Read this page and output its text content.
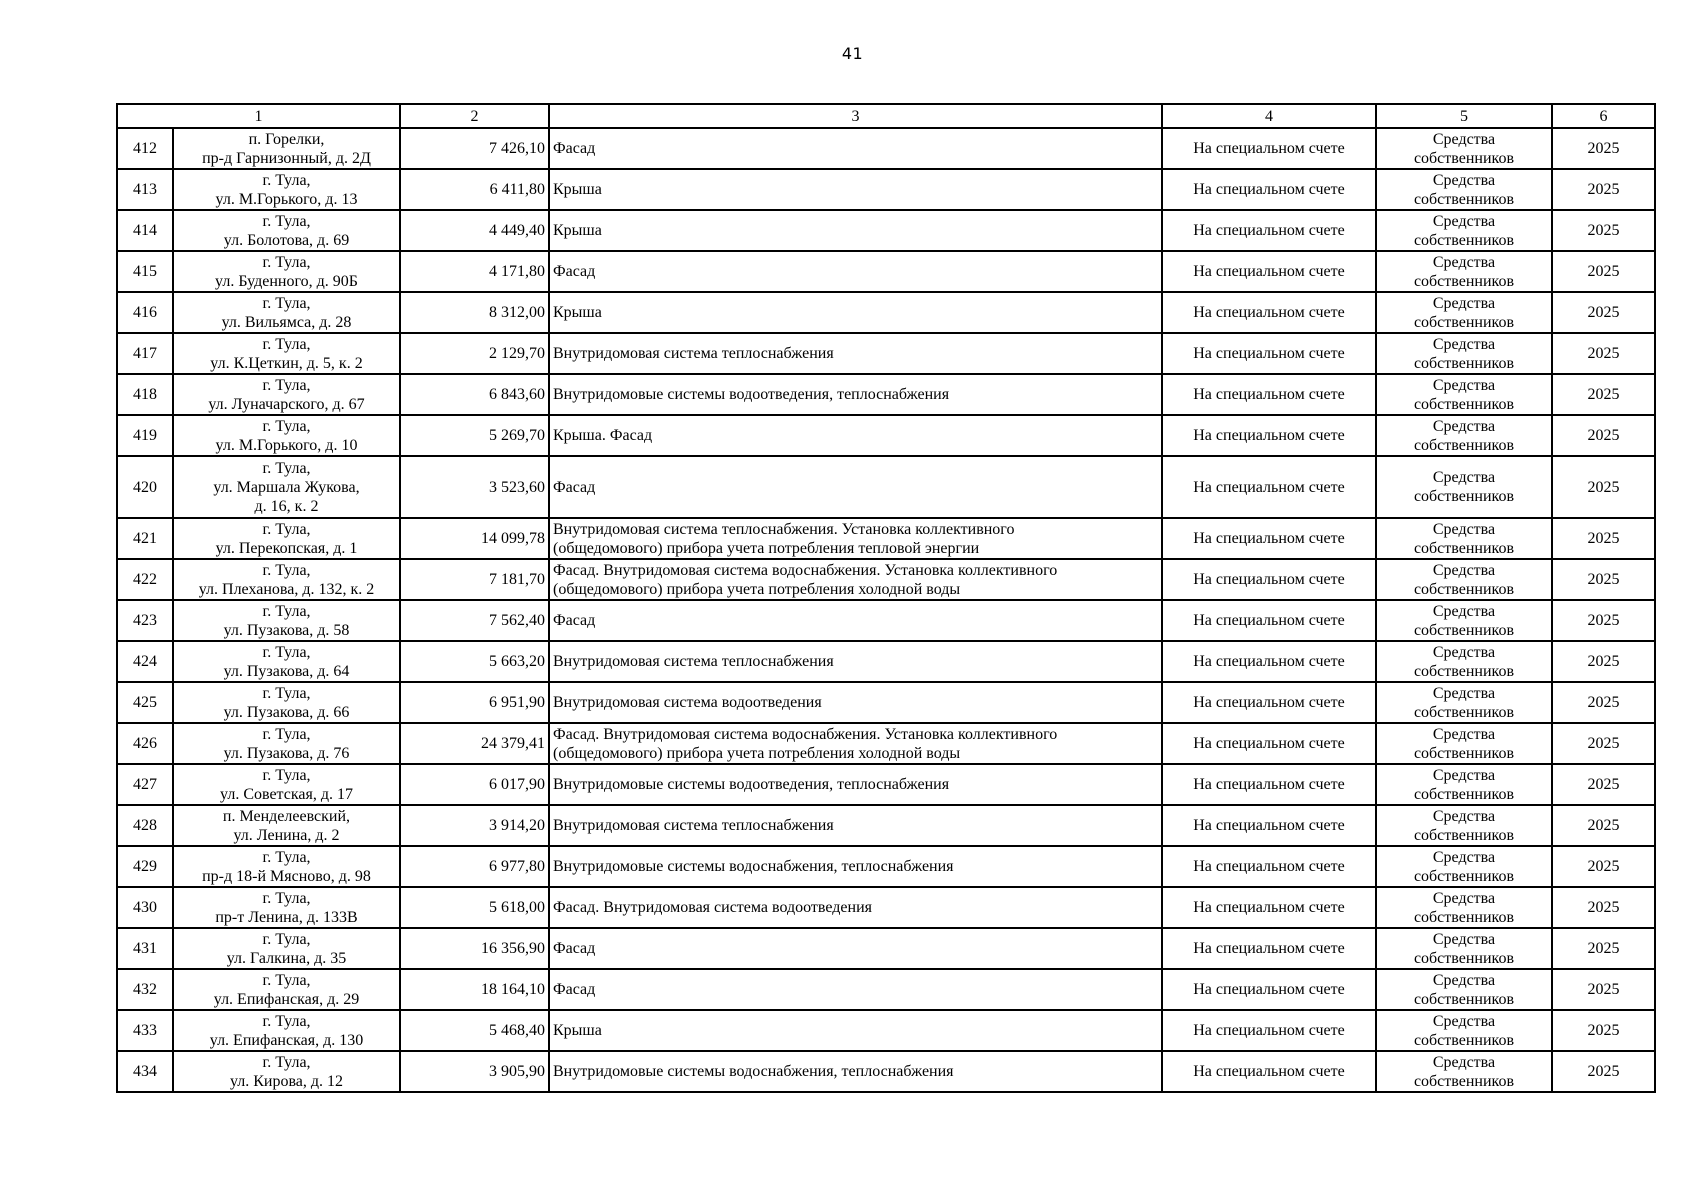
41
1		2	3	4	5	6

412	п. Горелки,
пр-д Гарнизонный, д. 2Д	7 426,10	Фасад	На специальном счете	Средства
собственников	2025

413	г. Тула,
ул. М.Горького, д. 13	6 411,80	Крыша	На специальном счете	Средства
собственников	2025

414	г. Тула,
ул. Болотова, д. 69	4 449,40	Крыша	На специальном счете	Средства
собственников	2025

415	г. Тула,
ул. Буденного, д. 90Б	4 171,80	Фасад	На специальном счете	Средства
собственников	2025

416	г. Тула,
ул. Вильямса, д. 28	8 312,00	Крыша	На специальном счете	Средства
собственников	2025

417	г. Тула,
ул. К.Цеткин, д. 5, к. 2	2 129,70	Внутридомовая система теплоснабжения	На специальном счете	Средства
собственников	2025

418	г. Тула,
ул. Луначарского, д. 67	6 843,60	Внутридомовые системы водоотведения, теплоснабжения	На специальном счете	Средства
собственников	2025

419	г. Тула,
ул. М.Горького, д. 10	5 269,70	Крыша. Фасад	На специальном счете	Средства
собственников	2025

420	г. Тула,
ул. Маршала Жукова,
д. 16, к. 2	3 523,60	Фасад	На специальном счете	Средства
собственников	2025

421	г. Тула,
ул. Перекопская, д. 1	14 099,78	Внутридомовая система теплоснабжения. Установка коллективного
(общедомового) прибора учета потребления тепловой энергии	На специальном счете	Средства
собственников	2025

422	г. Тула,
ул. Плеханова, д. 132, к. 2	7 181,70	Фасад. Внутридомовая система водоснабжения. Установка коллективного
(общедомового) прибора учета потребления холодной воды	На специальном счете	Средства
собственников	2025

423	г. Тула,
ул. Пузакова, д. 58	7 562,40	Фасад	На специальном счете	Средства
собственников	2025

424	г. Тула,
ул. Пузакова, д. 64	5 663,20	Внутридомовая система теплоснабжения	На специальном счете	Средства
собственников	2025

425	г. Тула,
ул. Пузакова, д. 66	6 951,90	Внутридомовая система водоотведения	На специальном счете	Средства
собственников	2025

426	г. Тула,
ул. Пузакова, д. 76	24 379,41	Фасад. Внутридомовая система водоснабжения. Установка коллективного
(общедомового) прибора учета потребления холодной воды	На специальном счете	Средства
собственников	2025

427	г. Тула,
ул. Советская, д. 17	6 017,90	Внутридомовые системы водоотведения, теплоснабжения	На специальном счете	Средства
собственников	2025

428	п. Менделеевский,
ул. Ленина, д. 2	3 914,20	Внутридомовая система теплоснабжения	На специальном счете	Средства
собственников	2025

429	г. Тула,
пр-д 18-й Мясново, д. 98	6 977,80	Внутридомовые системы водоснабжения, теплоснабжения	На специальном счете	Средства
собственников	2025

430	г. Тула,
пр-т Ленина, д. 133В	5 618,00	Фасад. Внутридомовая система водоотведения	На специальном счете	Средства
собственников	2025

431	г. Тула,
ул. Галкина, д. 35	16 356,90	Фасад	На специальном счете	Средства
собственников	2025

432	г. Тула,
ул. Епифанская, д. 29	18 164,10	Фасад	На специальном счете	Средства
собственников	2025

433	г. Тула,
ул. Епифанская, д. 130	5 468,40	Крыша	На специальном счете	Средства
собственников	2025

434	г. Тула,
ул. Кирова, д. 12	3 905,90	Внутридомовые системы водоснабжения, теплоснабжения	На специальном счете	Средства
собственников	2025
